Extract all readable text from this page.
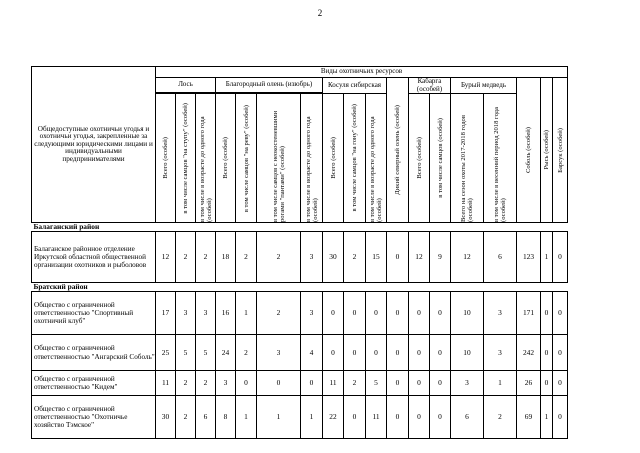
2
Общедоступные охотничьи угодья и охотничьи угодья, закрепленные за следующими юридическими лицами и индивидуальными предпринимателями	Виды охотничьих ресурсов																	
	Лось			Благородный олень (изюбрь)				Косуля сибирская			Дикий северный олень (особей)	Кабарга (особей)		Бурый медведь		Соболь (особей)	Рысь (особей)	Барсук (особей)

	Всего (особей)	в том числе самцов "на ступу" (особей)	в том числе в возрасте до одного года (особей)	Всего (особей)	в том числе самцов "на реву" (особей)	в том числе самцов с неокостеневшими рогами "пантами" (особей)	в том числе в возрасте до одного года (особей)	Всего (особей)	в том числе самцов "на гону" (особей)	в том числе в возрасте до одного года (особей)		Всего (особей)	в том числе самцов (особей)	Всего на сезон охоты 2017-2018 годов (особей)	в том числе в весенний период 2018 года (особей)			

Балаганский район																		
Балаганское районное отделение Иркутской областной общественной организации охотников и рыболовов	12	2	2	18	2	2	3	30	2	15	0	12	9	12	6	123	1	0
Братский район																		
Общество с ограниченной ответственностью "Спортивный охотничий клуб"	17	3	3	16	1	2	3	0	0	0	0	0	0	10	3	171	0	0
Общество с ограниченной ответственностью "Ангарский Соболь"	25	5	5	24	2	3	4	0	0	0	0	0	0	10	3	242	0	0
Общество с ограниченной ответственностью "Кидем"	11	2	2	3	0	0	0	11	2	5	0	0	0	3	1	26	0	0
Общество с ограниченной ответственностью "Охотничье хозяйство Тэмское"	30	2	6	8	1	1	1	22	0	11	0	0	0	6	2	69	1	0
